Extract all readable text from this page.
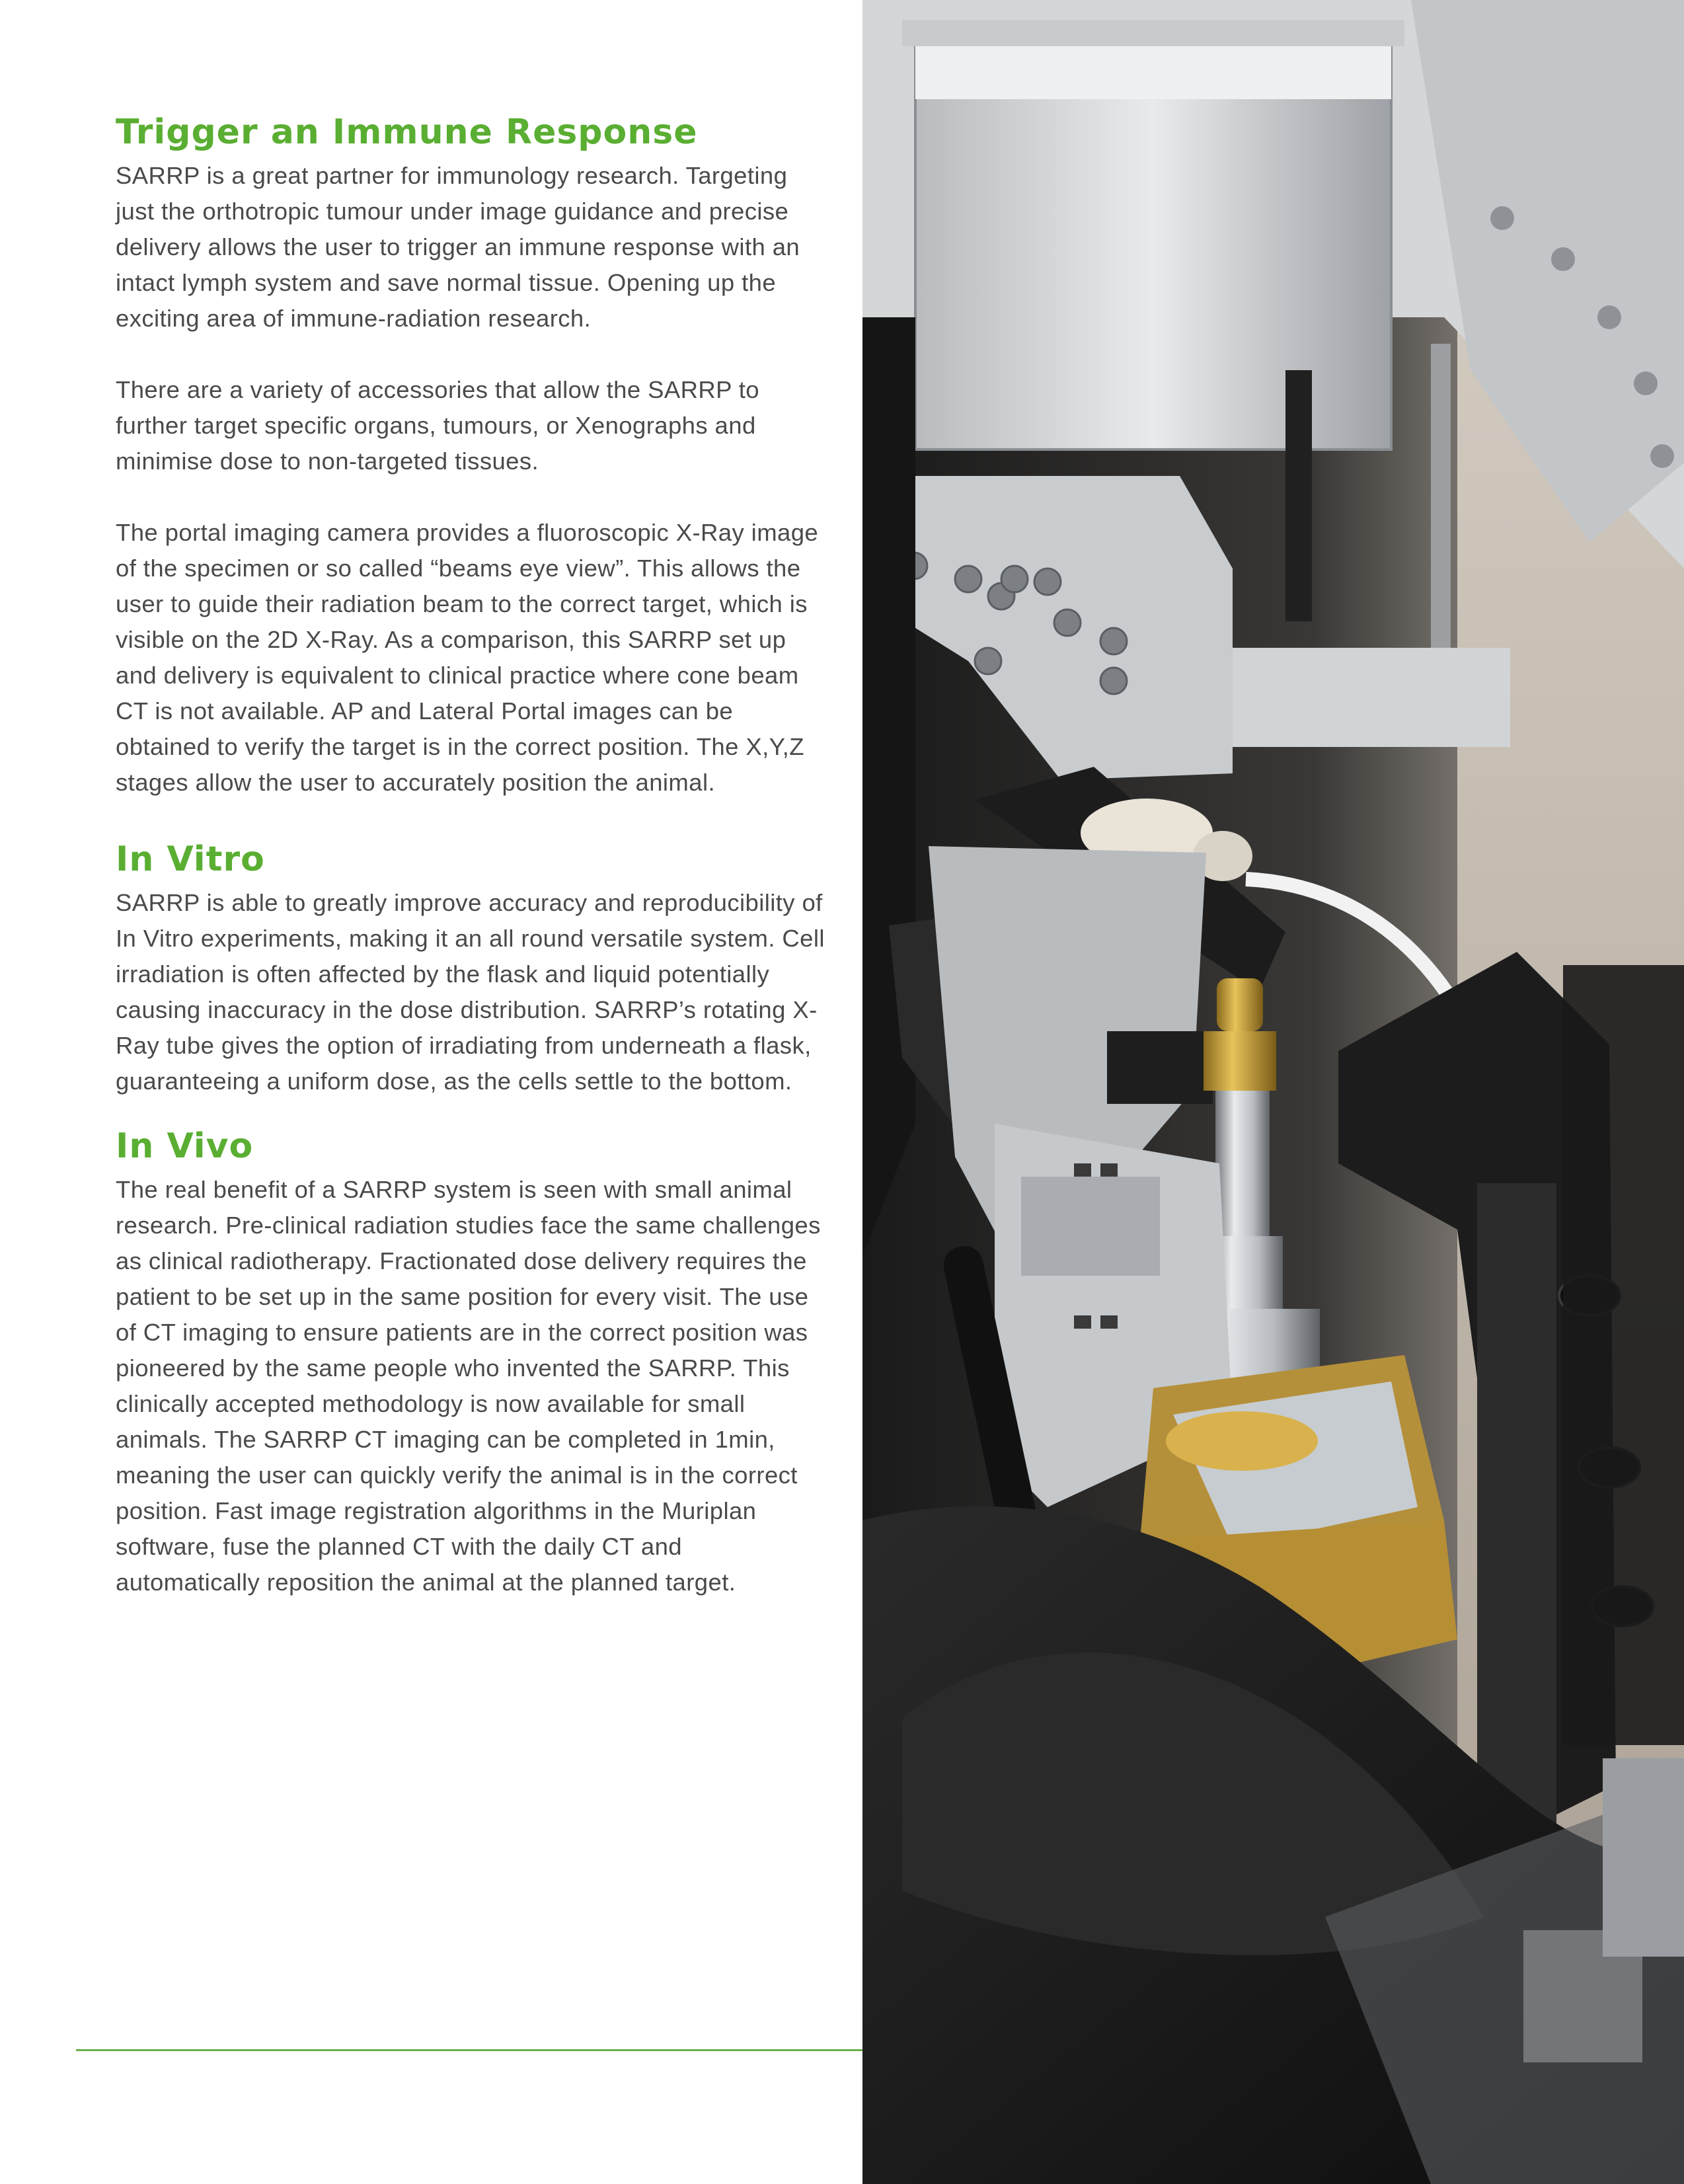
Trigger an Immune Response

SARRP is a great partner for immunology research. Targeting just the orthotropic tumour under image guidance and precise delivery allows the user to trigger an immune response with an intact lymph system and save normal tissue. Opening up the exciting area of immune-radiation research.

There are a variety of accessories that allow the SARRP to further target specific organs, tumours, or Xenographs and minimise dose to non-targeted tissues.

The portal imaging camera provides a fluoroscopic X-Ray image of the specimen or so called “beams eye view”. This allows the user to guide their radiation beam to the correct target, which is visible on the 2D X-Ray. As a comparison, this SARRP set up and delivery is equivalent to clinical practice where cone beam CT is not available. AP and Lateral Portal images can be obtained to verify the target is in the correct position. The X,Y,Z stages allow the user to accurately position the animal.

In Vitro

SARRP is able to greatly improve accuracy and reproducibility of In Vitro experiments, making it an all round versatile system. Cell irradiation is often affected by the flask and liquid potentially causing inaccuracy in the dose distribution. SARRP’s rotating X-Ray tube gives the option of irradiating from underneath a flask, guaranteeing a uniform dose, as the cells settle to the bottom.

In Vivo

The real benefit of a SARRP system is seen with small animal research. Pre-clinical radiation studies face the same challenges as clinical radiotherapy. Fractionated dose delivery requires the patient to be set up in the same position for every visit. The use of CT imaging to ensure patients are in the correct position was pioneered by the same people who invented the SARRP. This clinically accepted methodology is now available for small animals. The SARRP CT imaging can be completed in 1min, meaning the user can quickly verify the animal is in the correct position. Fast image registration algorithms in the Muriplan software, fuse the planned CT with the daily CT and automatically reposition the animal at the planned target.
